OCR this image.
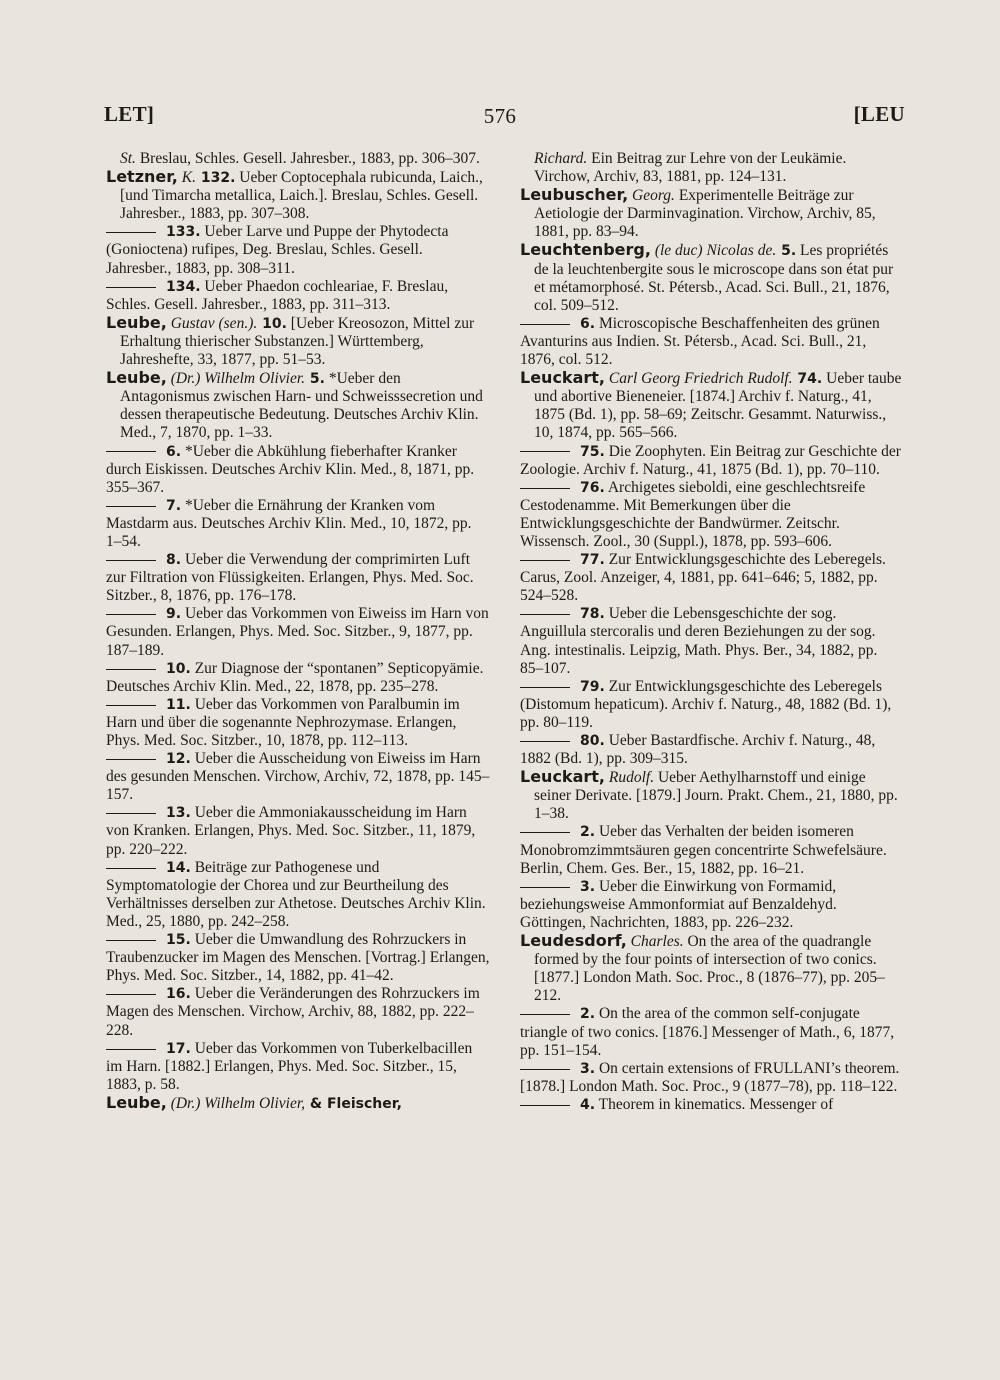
LET]	576	[LEU

St. Breslau, Schles. Gesell. Jahresber., 1883, pp. 306–307.

Letzner, K. 132. Ueber Coptocephala rubicunda, Laich., [und Timarcha metallica, Laich.]. Breslau, Schles. Gesell. Jahresber., 1883, pp. 307–308.

133. Ueber Larve und Puppe der Phytodecta (Gonioctena) rufipes, Deg. Breslau, Schles. Gesell. Jahresber., 1883, pp. 308–311.

134. Ueber Phaedon cochleariae, F. Breslau, Schles. Gesell. Jahresber., 1883, pp. 311–313.

Leube, Gustav (sen.). 10. [Ueber Kreosozon, Mittel zur Erhaltung thierischer Substanzen.] Württemberg, Jahreshefte, 33, 1877, pp. 51–53.

Leube, (Dr.) Wilhelm Olivier. 5. *Ueber den Antagonismus zwischen Harn- und Schweisssecretion und dessen therapeutische Bedeutung. Deutsches Archiv Klin. Med., 7, 1870, pp. 1–33.

6. *Ueber die Abkühlung fieberhafter Kranker durch Eiskissen. Deutsches Archiv Klin. Med., 8, 1871, pp. 355–367.

7. *Ueber die Ernährung der Kranken vom Mastdarm aus. Deutsches Archiv Klin. Med., 10, 1872, pp. 1–54.

8. Ueber die Verwendung der comprimirten Luft zur Filtration von Flüssigkeiten. Erlangen, Phys. Med. Soc. Sitzber., 8, 1876, pp. 176–178.

9. Ueber das Vorkommen von Eiweiss im Harn von Gesunden. Erlangen, Phys. Med. Soc. Sitzber., 9, 1877, pp. 187–189.

10. Zur Diagnose der “spontanen” Septicopyämie. Deutsches Archiv Klin. Med., 22, 1878, pp. 235–278.

11. Ueber das Vorkommen von Paralbumin im Harn und über die sogenannte Nephrozymase. Erlangen, Phys. Med. Soc. Sitzber., 10, 1878, pp. 112–113.

12. Ueber die Ausscheidung von Eiweiss im Harn des gesunden Menschen. Virchow, Archiv, 72, 1878, pp. 145–157.

13. Ueber die Ammoniakausscheidung im Harn von Kranken. Erlangen, Phys. Med. Soc. Sitzber., 11, 1879, pp. 220–222.

14. Beiträge zur Pathogenese und Symptomatologie der Chorea und zur Beurtheilung des Verhältnisses derselben zur Athetose. Deutsches Archiv Klin. Med., 25, 1880, pp. 242–258.

15. Ueber die Umwandlung des Rohrzuckers in Traubenzucker im Magen des Menschen. [Vortrag.] Erlangen, Phys. Med. Soc. Sitzber., 14, 1882, pp. 41–42.

16. Ueber die Veränderungen des Rohrzuckers im Magen des Menschen. Virchow, Archiv, 88, 1882, pp. 222–228.

17. Ueber das Vorkommen von Tuberkelbacillen im Harn. [1882.] Erlangen, Phys. Med. Soc. Sitzber., 15, 1883, p. 58.

Leube, (Dr.) Wilhelm Olivier, & Fleischer,

Richard. Ein Beitrag zur Lehre von der Leukämie. Virchow, Archiv, 83, 1881, pp. 124–131.

Leubuscher, Georg. Experimentelle Beiträge zur Aetiologie der Darminvagination. Virchow, Archiv, 85, 1881, pp. 83–94.

Leuchtenberg, (le duc) Nicolas de. 5. Les propriétés de la leuchtenbergite sous le microscope dans son état pur et métamorphosé. St. Pétersb., Acad. Sci. Bull., 21, 1876, col. 509–512.

6. Microscopische Beschaffenheiten des grünen Avanturins aus Indien. St. Pétersb., Acad. Sci. Bull., 21, 1876, col. 512.

Leuckart, Carl Georg Friedrich Rudolf. 74. Ueber taube und abortive Bieneneier. [1874.] Archiv f. Naturg., 41, 1875 (Bd. 1), pp. 58–69; Zeitschr. Gesammt. Naturwiss., 10, 1874, pp. 565–566.

75. Die Zoophyten. Ein Beitrag zur Geschichte der Zoologie. Archiv f. Naturg., 41, 1875 (Bd. 1), pp. 70–110.

76. Archigetes sieboldi, eine geschlechtsreife Cestodenamme. Mit Bemerkungen über die Entwicklungsgeschichte der Bandwürmer. Zeitschr. Wissensch. Zool., 30 (Suppl.), 1878, pp. 593–606.

77. Zur Entwicklungsgeschichte des Leberegels. Carus, Zool. Anzeiger, 4, 1881, pp. 641–646; 5, 1882, pp. 524–528.

78. Ueber die Lebensgeschichte der sog. Anguillula stercoralis und deren Beziehungen zu der sog. Ang. intestinalis. Leipzig, Math. Phys. Ber., 34, 1882, pp. 85–107.

79. Zur Entwicklungsgeschichte des Leberegels (Distomum hepaticum). Archiv f. Naturg., 48, 1882 (Bd. 1), pp. 80–119.

80. Ueber Bastardfische. Archiv f. Naturg., 48, 1882 (Bd. 1), pp. 309–315.

Leuckart, Rudolf. Ueber Aethylharnstoff und einige seiner Derivate. [1879.] Journ. Prakt. Chem., 21, 1880, pp. 1–38.

2. Ueber das Verhalten der beiden isomeren Monobromzimmtsäuren gegen concentrirte Schwefelsäure. Berlin, Chem. Ges. Ber., 15, 1882, pp. 16–21.

3. Ueber die Einwirkung von Formamid, beziehungsweise Ammonformiat auf Benzaldehyd. Göttingen, Nachrichten, 1883, pp. 226–232.

Leudesdorf, Charles. On the area of the quadrangle formed by the four points of intersection of two conics. [1877.] London Math. Soc. Proc., 8 (1876–77), pp. 205–212.

2. On the area of the common self-conjugate triangle of two conics. [1876.] Messenger of Math., 6, 1877, pp. 151–154.

3. On certain extensions of FRULLANI’s theorem. [1878.] London Math. Soc. Proc., 9 (1877–78), pp. 118–122.

4. Theorem in kinematics. Messenger of
